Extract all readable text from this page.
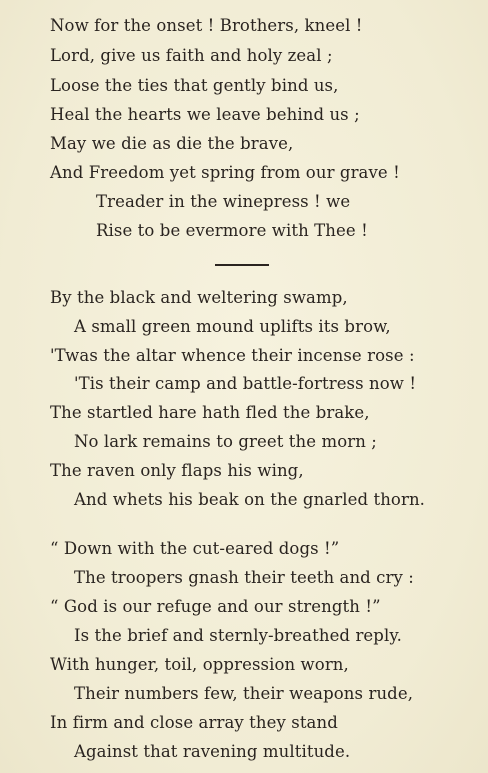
Now for the onset ! Brothers, kneel !
Lord, give us faith and holy zeal ;
Loose the ties that gently bind us,
Heal the hearts we leave behind us ;
May we die as die the brave,
And Freedom yet spring from our grave !
Treader in the winepress ! we
Rise to be evermore with Thee !
By the black and weltering swamp,
A small green mound uplifts its brow,
'Twas the altar whence their incense rose :
'Tis their camp and battle-fortress now !
The startled hare hath fled the brake,
No lark remains to greet the morn ;
The raven only flaps his wing,
And whets his beak on the gnarled thorn.
“ Down with the cut-eared dogs !”
The troopers gnash their teeth and cry :
“ God is our refuge and our strength !”
Is the brief and sternly-breathed reply.
With hunger, toil, oppression worn,
Their numbers few, their weapons rude,
In firm and close array they stand
Against that ravening multitude.
